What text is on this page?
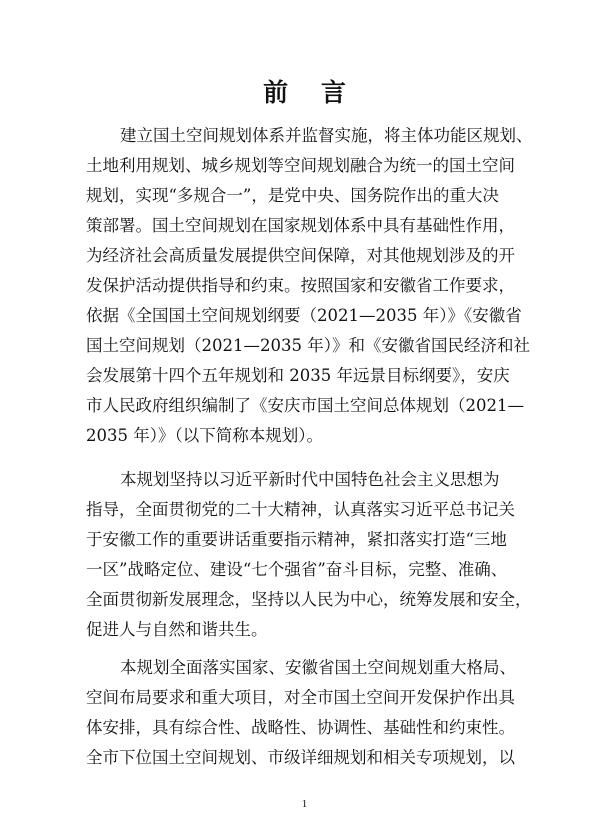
前 言
建立国土空间规划体系并监督实施，将主体功能区规划、
土地利用规划、城乡规划等空间规划融合为统一的国土空间
规划，实现“多规合一”，是党中央、国务院作出的重大决
策部署。国土空间规划在国家规划体系中具有基础性作用，
为经济社会高质量发展提供空间保障，对其他规划涉及的开
发保护活动提供指导和约束。按照国家和安徽省工作要求，
依据《全国国土空间规划纲要（2021—2035 年）》《安徽省
国土空间规划（2021—2035 年）》和《安徽省国民经济和社
会发展第十四个五年规划和 2035 年远景目标纲要》，安庆
市人民政府组织编制了《安庆市国土空间总体规划（2021—
2035 年）》（以下简称本规划）。
本规划坚持以习近平新时代中国特色社会主义思想为
指导，全面贯彻党的二十大精神，认真落实习近平总书记关
于安徽工作的重要讲话重要指示精神，紧扣落实打造“三地
一区”战略定位、建设“七个强省”奋斗目标，完整、准确、
全面贯彻新发展理念，坚持以人民为中心，统筹发展和安全，
促进人与自然和谐共生。
本规划全面落实国家、安徽省国土空间规划重大格局、
空间布局要求和重大项目，对全市国土空间开发保护作出具
体安排，具有综合性、战略性、协调性、基础性和约束性。
全市下位国土空间规划、市级详细规划和相关专项规划，以
1
